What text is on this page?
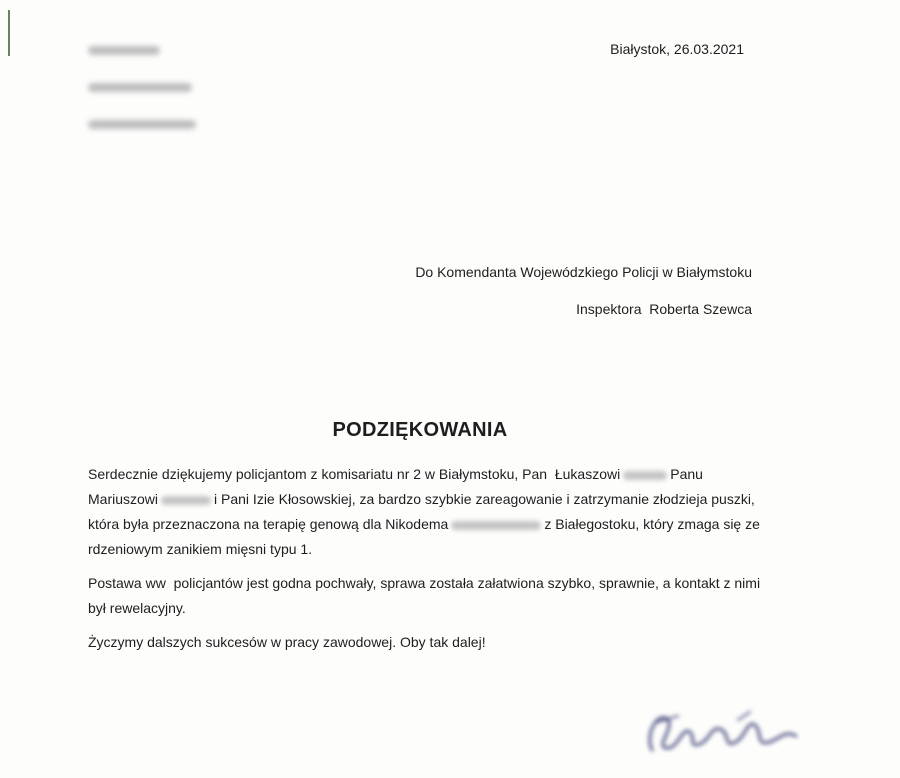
Białystok, 26.03.2021
Do Komendanta Wojewódzkiego Policji w Białymstoku
Inspektora  Roberta Szewca
PODZIĘKOWANIA

Serdecznie dziękujemy policjantom z komisariatu nr 2 w Białymstoku, Pan  Łukaszowi	Panu Mariuszowi	i Pani Izie Kłosowskiej, za bardzo szybkie zareagowanie i zatrzymanie złodzieja puszki, która była przeznaczona na terapię genową dla Nikodema	z Białegostoku, który zmaga się ze rdzeniowym zanikiem mięsni typu 1.

Postawa ww  policjantów jest godna pochwały, sprawa została załatwiona szybko, sprawnie, a kontakt z nimi był rewelacyjny.

Życzymy dalszych sukcesów w pracy zawodowej. Oby tak dalej!
